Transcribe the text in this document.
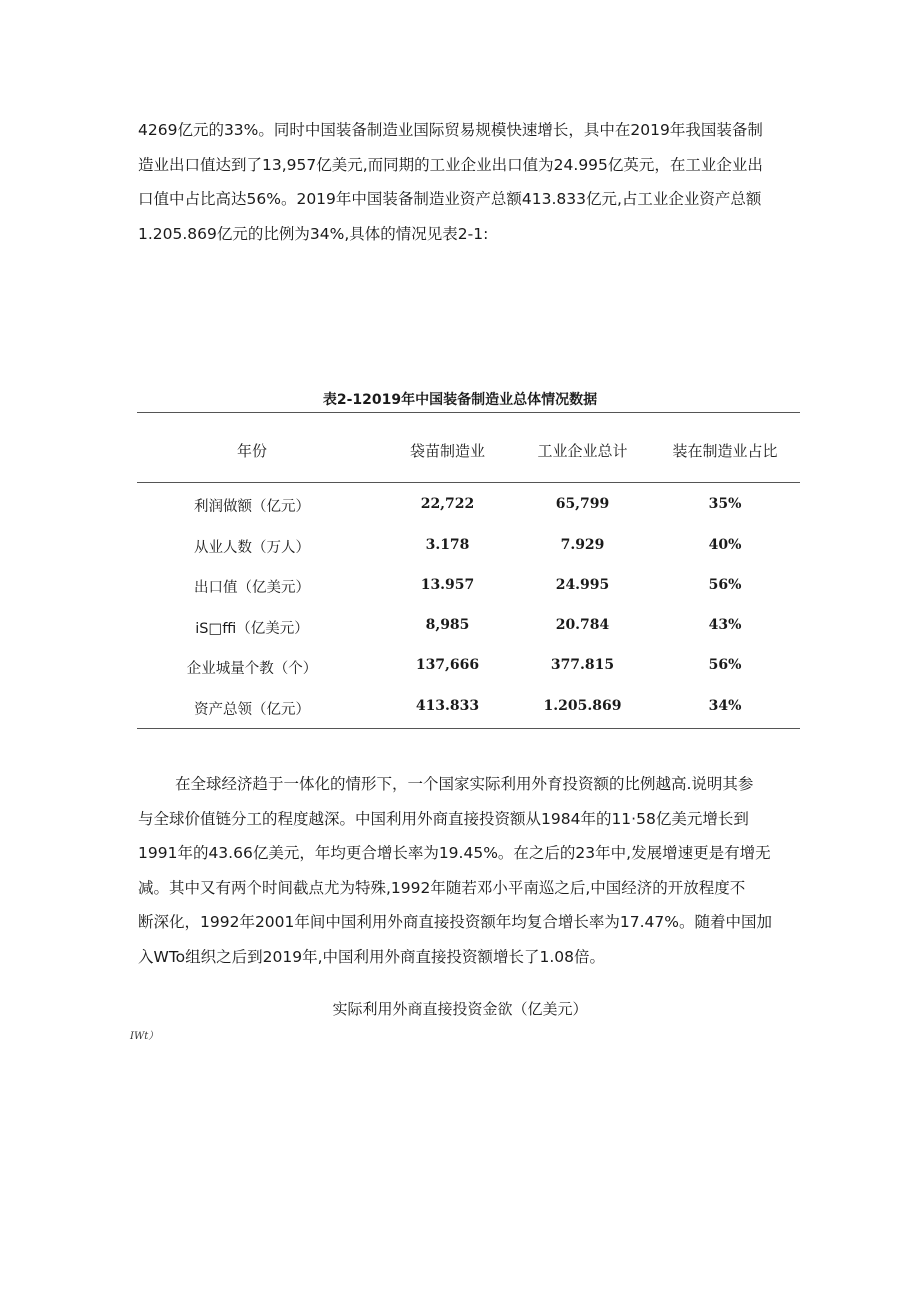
4269亿元的33%。同时中国装备制造业国际贸易规模快速增长，具中在2019年我国装备制
造业出口值达到了13,957亿美元,而同期的工业企业出口值为24.995亿英元，在工业企业出
口值中占比高达56%。2019年中国装备制造业资产总额413.833亿元,占工业企业资产总额
1.205.869亿元的比例为34%,具体的情况见表2-1:

表2-12019年中国装备制造业总体情况数据

年份	袋苗制造业	工业企业总计	装在制造业占比
利润做额（亿元）	22,722	65,799	35%
从业人数（万人）	3.178	7.929	40%
出口值（亿美元）	13.957	24.995	56%
iS□ffi（亿美元）	8,985	20.784	43%
企业城量个教（个）	137,666	377.815	56%
资产总领（亿元）	413.833	1.205.869	34%
在全球经济趋于一体化的情形下，一个国家实际利用外育投资额的比例越高.说明其参
与全球价值链分工的程度越深。中国利用外商直接投资额从1984年的11·58亿美元增长到
1991年的43.66亿美元，年均更合增长率为19.45%。在之后的23年中,发展增速更是有增无
减。其中又有两个时间截点尤为特殊,1992年随若邓小平南巡之后,中国经济的开放程度不
断深化，1992年2001年间中国利用外商直接投资额年均复合增长率为17.47%。随着中国加
入WTo组织之后到2019年,中国利用外商直接投资额增长了1.08倍。

实际利用外商直接投资金欲（亿美元）

IWt）
